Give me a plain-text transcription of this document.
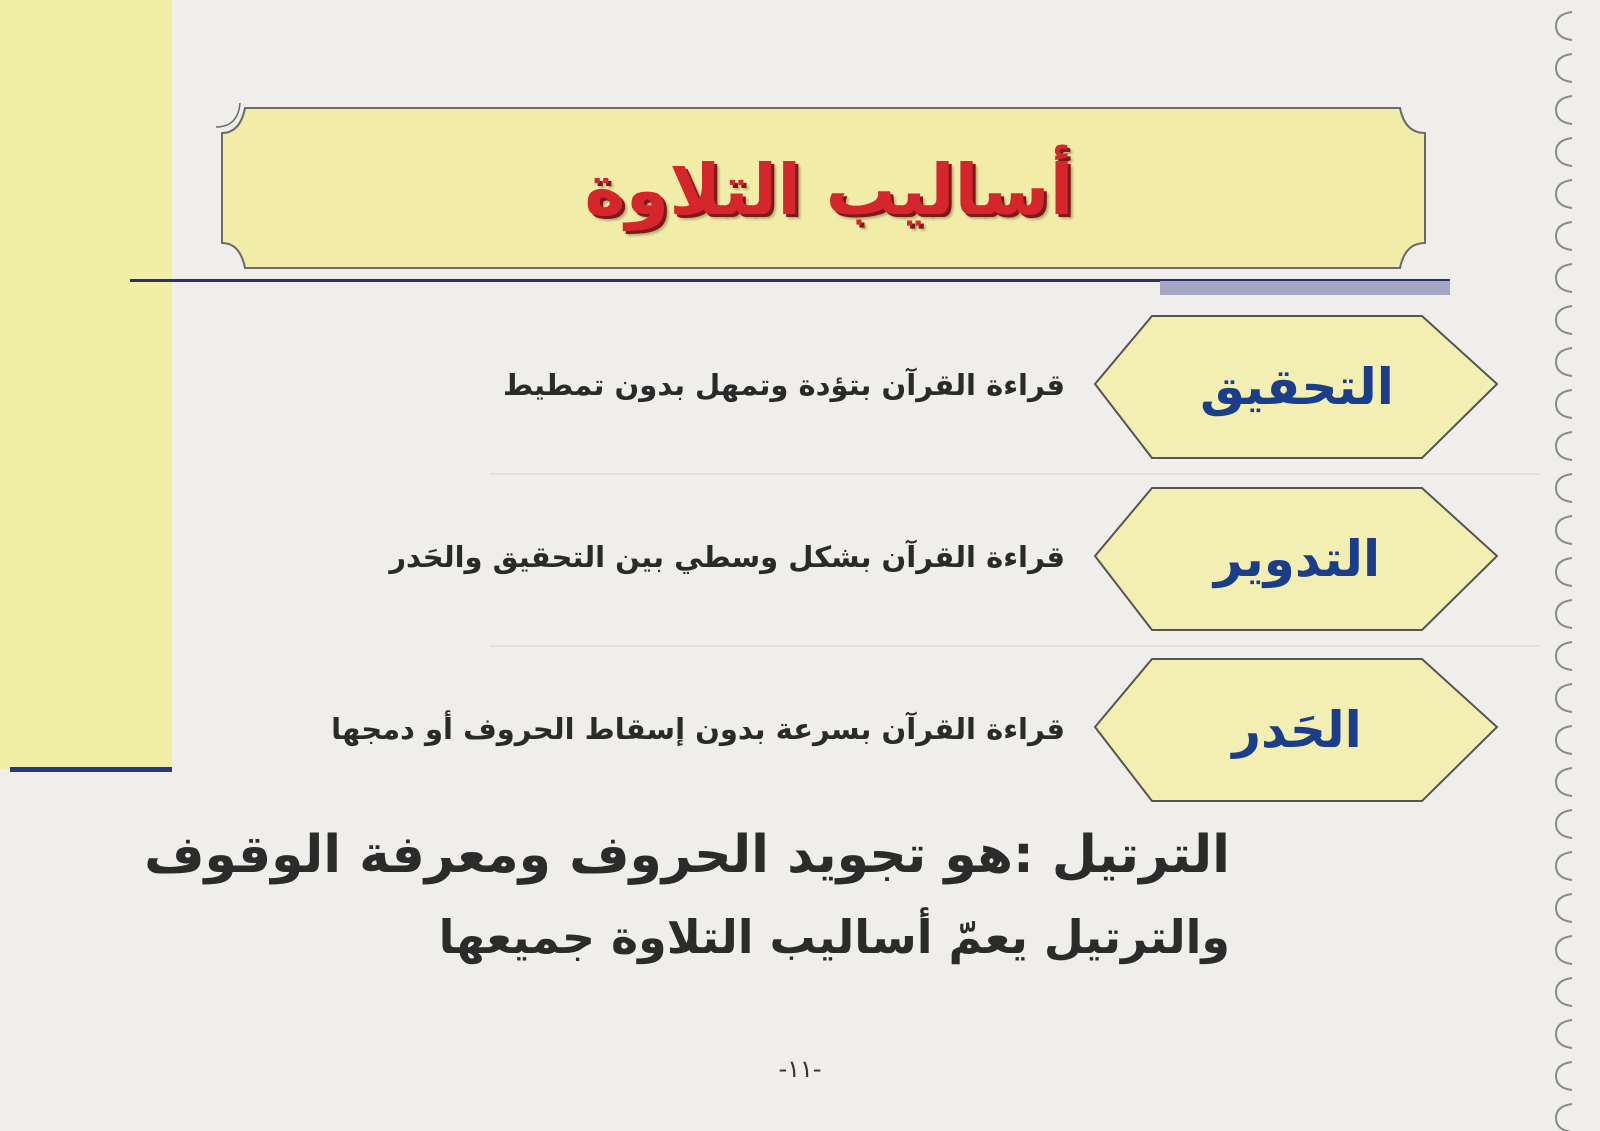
أساليب التلاوة
التحقيق
قراءة القرآن بتؤدة وتمهل بدون تمطيط
التدوير
قراءة القرآن بشكل وسطي بين التحقيق والحَدر
الحَدر
قراءة القرآن بسرعة بدون إسقاط الحروف أو دمجها
الترتيل :هو تجويد الحروف ومعرفة الوقوف
والترتيل يعمّ أساليب التلاوة جميعها
-١١-
